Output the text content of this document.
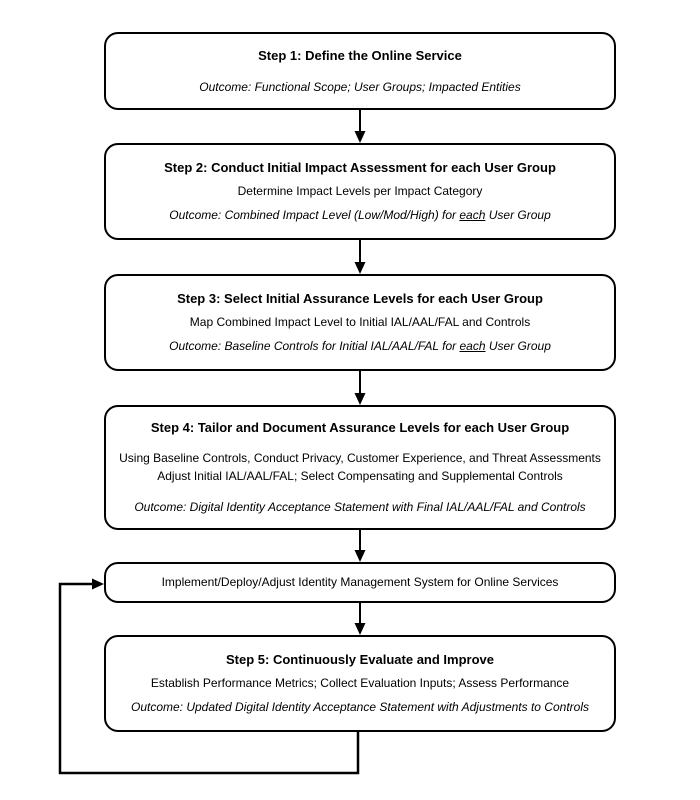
Step 1: Define the Online Service
Outcome: Functional Scope; User Groups; Impacted Entities
Step 2: Conduct Initial Impact Assessment for each User Group
Determine Impact Levels per Impact Category
Outcome: Combined Impact Level (Low/Mod/High) for each User Group
Step 3: Select Initial Assurance Levels for each User Group
Map Combined Impact Level to Initial IAL/AAL/FAL and Controls
Outcome: Baseline Controls for Initial IAL/AAL/FAL for each User Group
Step 4: Tailor and Document Assurance Levels for each User Group
Using Baseline Controls, Conduct Privacy, Customer Experience, and Threat Assessments
Adjust Initial IAL/AAL/FAL; Select Compensating and Supplemental Controls
Outcome: Digital Identity Acceptance Statement with Final IAL/AAL/FAL and Controls
Implement/Deploy/Adjust Identity Management System for Online Services
Step 5: Continuously Evaluate and Improve
Establish Performance Metrics; Collect Evaluation Inputs; Assess Performance
Outcome: Updated Digital Identity Acceptance Statement with Adjustments to Controls
